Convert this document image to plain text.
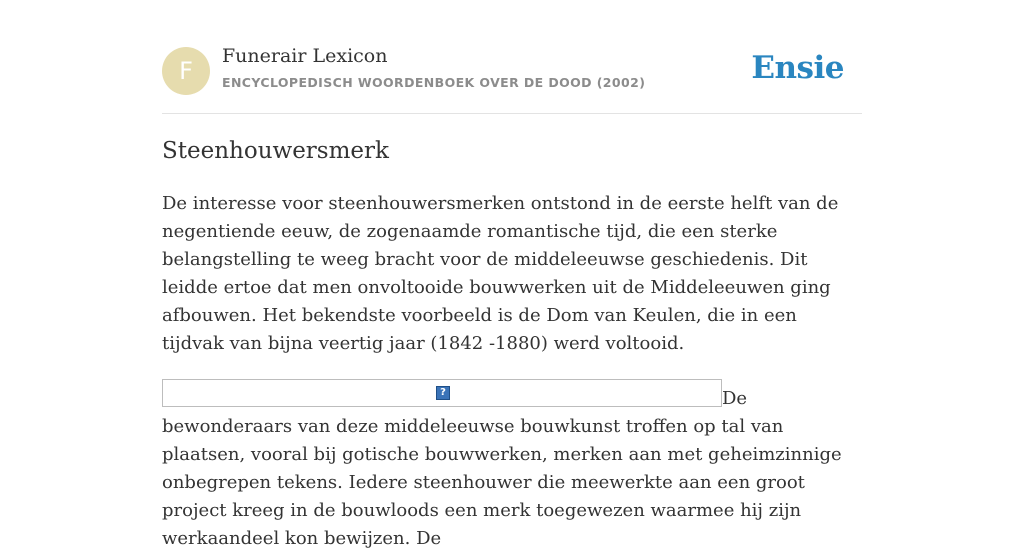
F
Funerair Lexicon
ENCYCLOPEDISCH WOORDENBOEK OVER DE DOOD (2002)	Ensie
Steenhouwersmerk

De interesse voor steenhouwersmerken ontstond in de eerste helft van de negentiende eeuw, de zogenaamde romantische tijd, die een sterke belangstelling te weeg bracht voor de middeleeuwse geschiedenis. Dit leidde ertoe dat men onvoltooide bouwwerken uit de Middeleeuwen ging afbouwen. Het bekendste voorbeeld is de Dom van Keulen, die in een tijdvak van bijna veertig jaar (1842 -1880) werd voltooid.

?	De bewonderaars van deze middeleeuwse bouwkunst troffen op tal van plaatsen, vooral bij gotische bouwwerken, merken aan met geheimzinnige onbegrepen tekens. Iedere steenhouwer die meewerkte aan een groot project kreeg in de bouwloods een merk toegewezen waarmee hij zijn werkaandeel kon bewijzen. De
